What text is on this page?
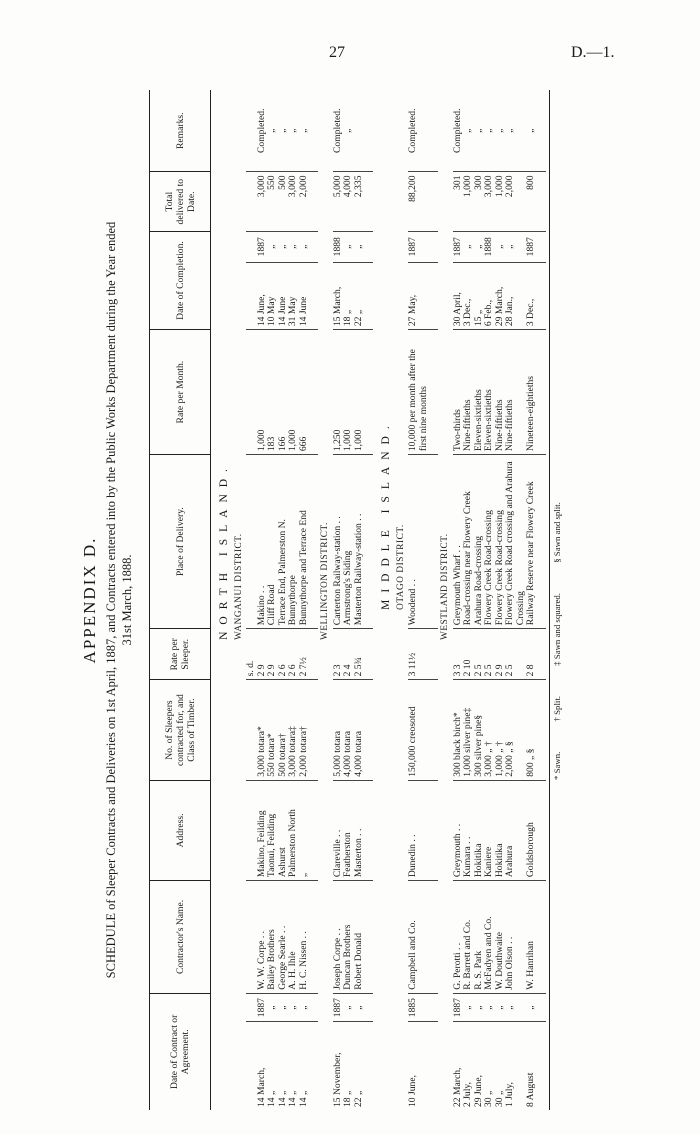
27	D.—1.
APPENDIX D. SCHEDULE of Sleeper Contracts and Deliveries on 1st April, 1887, and Contracts entered into by the Public Works Department during the Year ended 31st March, 1888.
Date of Contract or Agreement.		Contractor's Name.	Address.	No. of Sleepers contracted for, and Class of Timber.	Rate per Sleeper.	Place of Delivery.	Rate per Month.	Date of Completion.		Total delivered to Date.	Remarks.
					NORTH ISLAND.						
					WANGANUI DISTRICT.						
					s. d.						
14 March,	1887	W. W. Corpe . .	Makino, Feilding	3,000 totara*	2 9	Makino . .	1,000	14 June,	1887	3,000	Completed.
14 „	„	Bailey Brothers	Taonui, Feilding	550 totara*	2 9	Cliff Road	183	10 May	„	550	„
14 „	„	George Searle . .	Ashurst	500 totara†	2 6	Terrace End, Palmerston N.	166	14 June	„	500	„
14 „	„	A. H. Ihle	Palmerston North	3,000 totara‡	2 6	Bunnythorpe	1,000	31 May	„	3,000	„
14 „	„	H. C. Nissen . .	„	2,000 totara†	2 7½	Bunnythorpe and Terrace End	666	14 June	„	2,000	„

					WELLINGTON DISTRICT.						
15 November,	1887	Joseph Corpe . .	Clareville . .	5,000 totara	2 3	Carterton Railway-station . .	1,250	15 March,	1888	5,000	Completed.
18 „	„	Duncan Brothers	Featherston	4,000 totara	2 4	Armstrong's Siding	1,000	18 „	„	4,000	„
22 „	„	Robert Donald	Masterton . .	4,000 totara	2 5¾	Masterton Railway-station . .	1,000	22 „	„	2,335	

					MIDDLE ISLAND.						
					OTAGO DISTRICT.						
10 June,	1885	Campbell and Co.	Dunedin . .	150,000 creosoted	3 11½	Woodend . .	10,000 per month after the first nine months	27 May,	1887	88,200	Completed.

					WESTLAND DISTRICT.						
22 March,	1887	G. Perotti . .	Greymouth . .	300 black birch*	3 3	Greymouth Wharf . .	Two-thirds	30 April,	1887	301	Completed.
2 July,	„	R. Barrett and Co.	Kumara . .	1,000 silver pine‡	2 10	Road-crossing near Flowery Creek	Nine-fiftieths	3 Dec.,	„	1,000	„
29 June,	„	R. S. Park	Hokitika	300 silver pine§	2 5	Arahura Road-crossing	Eleven-sixtieths	15 „	„	300	„
30 „	„	McFadyen and Co.	Kaniere	3,000 „ †	2 5	Flowery Creek Road-crossing	Eleven-sixtieths	6 Feb.,	1888	3,000	„
30 „	„	W. Douthwaite	Hokitika	1,000 „ †	2 9	Flowery Creek Road-crossing	Nine-fiftieths	29 March,	„	1,000	„
1 July,	„	John Olson . .	Arahura	2,000 „ §	2 5	Flowery Creek Road crossing and Arahura Crossing	Nine-fiftieths	28 Jan.,	„	2,000	„
8 August	„	W. Hanrihan	Goldsborough	800 „ §	2 8	Railway Reserve near Flowery Creek	Nineteen-eightieths	3 Dec.,	1887	800	„

* Sawn. † Split. ‡ Sawn and squared. § Sawn and split.
